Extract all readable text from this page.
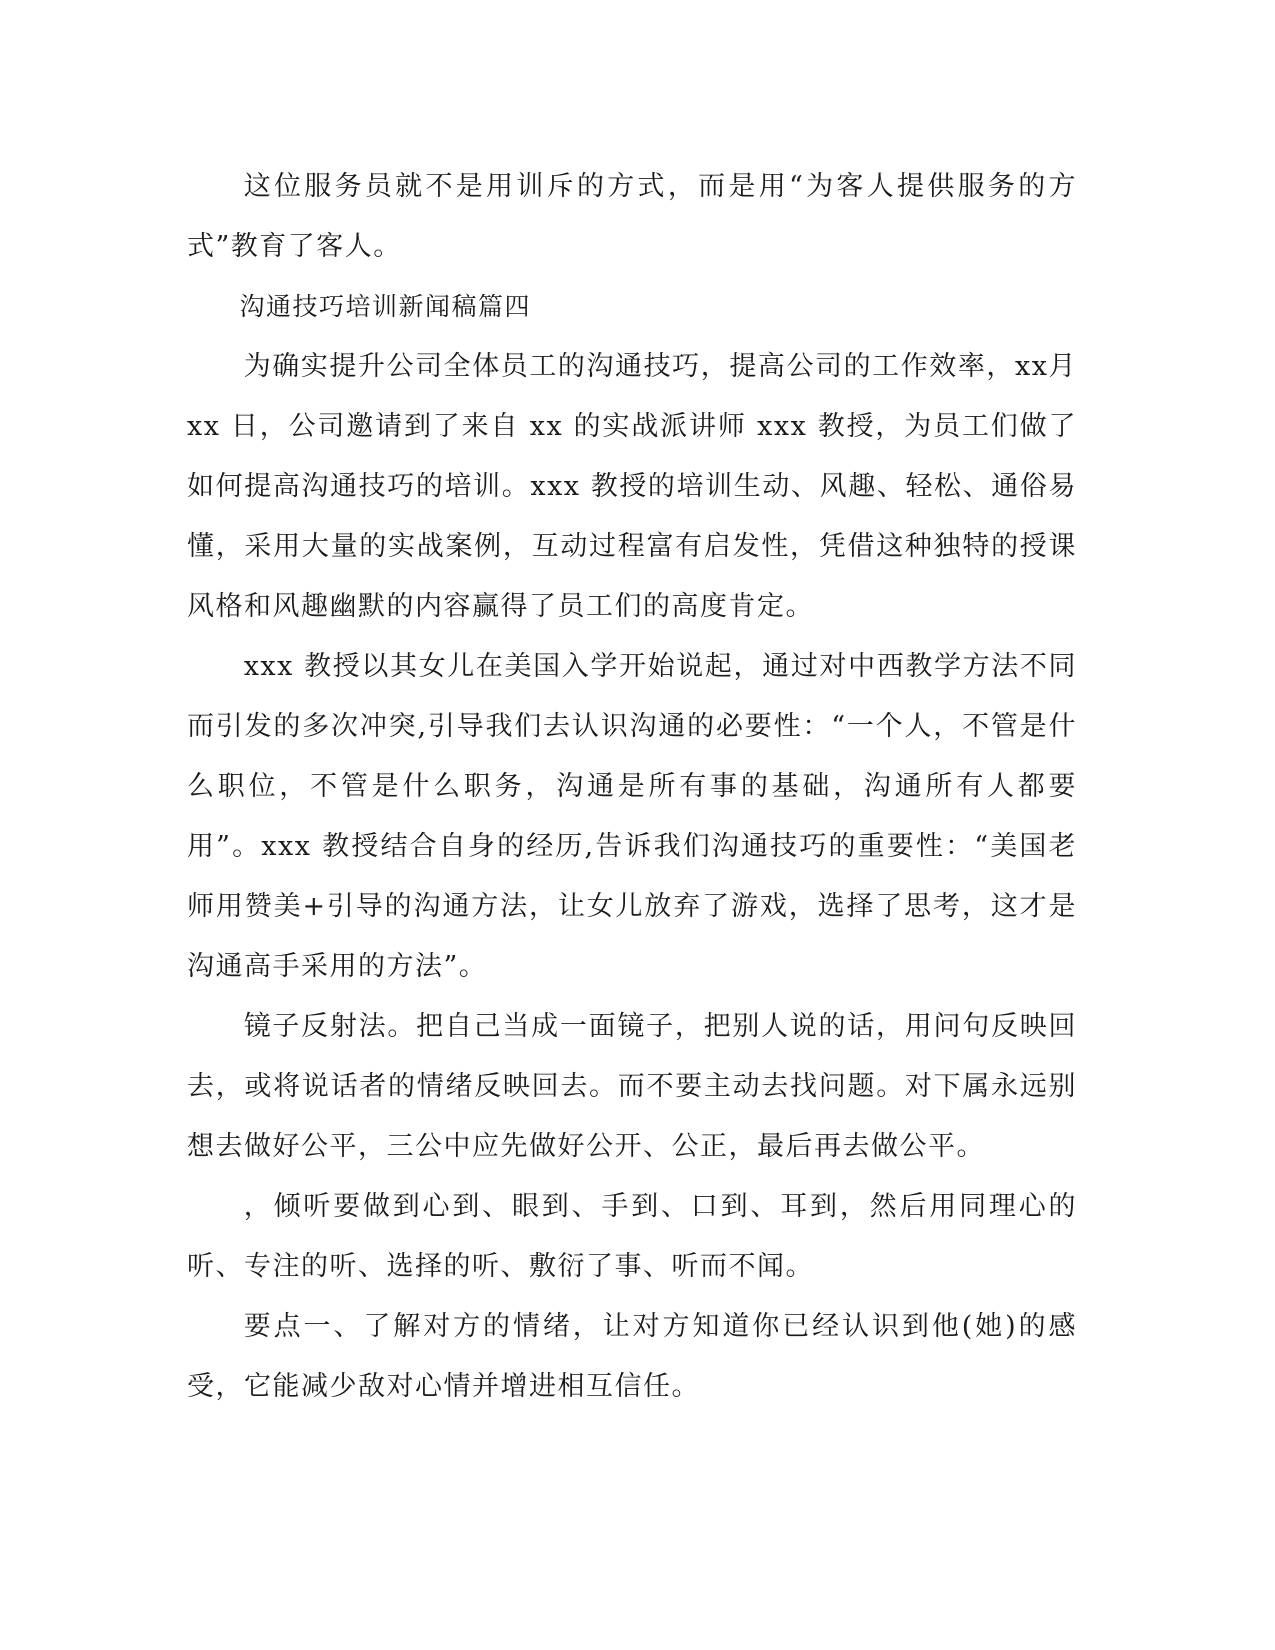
这位服务员就不是用训斥的方式，而是用“为客人提供服务的方式”教育了客人。

沟通技巧培训新闻稿篇四

为确实提升公司全体员工的沟通技巧，提高公司的工作效率，xx月 xx 日，公司邀请到了来自 xx 的实战派讲师 xxx 教授，为员工们做了如何提高沟通技巧的培训。xxx 教授的培训生动、风趣、轻松、通俗易懂，采用大量的实战案例，互动过程富有启发性，凭借这种独特的授课风格和风趣幽默的内容赢得了员工们的高度肯定。

xxx 教授以其女儿在美国入学开始说起，通过对中西教学方法不同而引发的多次冲突,引导我们去认识沟通的必要性：“一个人，不管是什么职位，不管是什么职务，沟通是所有事的基础，沟通所有人都要用”。xxx 教授结合自身的经历,告诉我们沟通技巧的重要性：“美国老师用赞美+引导的沟通方法，让女儿放弃了游戏，选择了思考，这才是沟通高手采用的方法”。

镜子反射法。把自己当成一面镜子，把别人说的话，用问句反映回去，或将说话者的情绪反映回去。而不要主动去找问题。对下属永远别想去做好公平，三公中应先做好公开、公正，最后再去做公平。

，倾听要做到心到、眼到、手到、口到、耳到，然后用同理心的听、专注的听、选择的听、敷衍了事、听而不闻。

要点一、了解对方的情绪，让对方知道你已经认识到他(她)的感受，它能减少敌对心情并增进相互信任。
